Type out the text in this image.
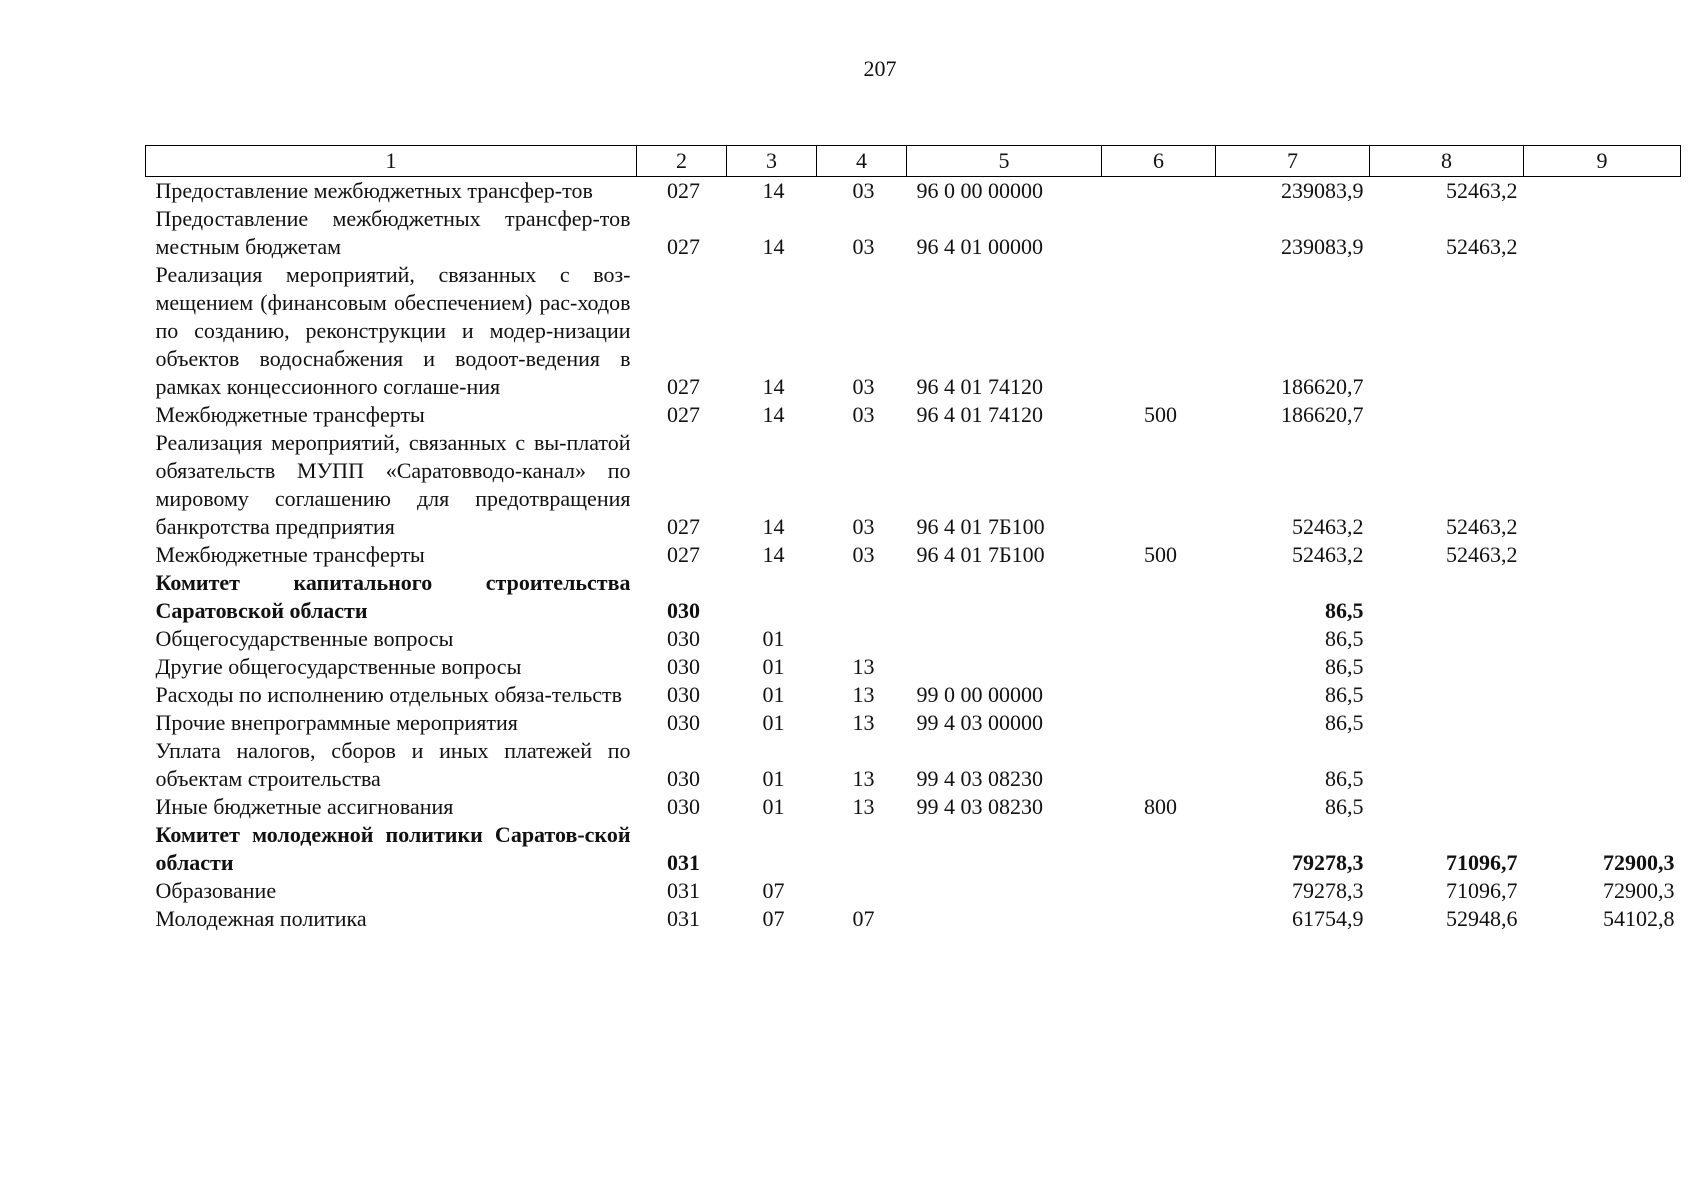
207
1	2	3	4	5	6	7	8	9
Предоставление межбюджетных трансфер-тов	027	14	03	96 0 00 00000		239083,9	52463,2	
Предоставление межбюджетных трансфер-тов местным бюджетам	027	14	03	96 4 01 00000		239083,9	52463,2	
Реализация мероприятий, связанных с воз-мещением (финансовым обеспечением) рас-ходов по созданию, реконструкции и модер-низации объектов водоснабжения и водоот-ведения в рамках концессионного соглаше-ния	027	14	03	96 4 01 74120		186620,7		
Межбюджетные трансферты	027	14	03	96 4 01 74120	500	186620,7		
Реализация мероприятий, связанных с вы-платой обязательств МУПП «Саратовводо-канал» по мировому соглашению для предотвращения банкротства предприятия	027	14	03	96 4 01 7Б100		52463,2	52463,2	
Межбюджетные трансферты	027	14	03	96 4 01 7Б100	500	52463,2	52463,2	
Комитет капитального строительства Саратовской области	030					86,5		
Общегосударственные вопросы	030	01				86,5		
Другие общегосударственные вопросы	030	01	13			86,5		
Расходы по исполнению отдельных обяза-тельств	030	01	13	99 0 00 00000		86,5		
Прочие внепрограммные мероприятия	030	01	13	99 4 03 00000		86,5		
Уплата налогов, сборов и иных платежей по объектам строительства	030	01	13	99 4 03 08230		86,5		
Иные бюджетные ассигнования	030	01	13	99 4 03 08230	800	86,5		
Комитет молодежной политики Саратов-ской области	031					79278,3	71096,7	72900,3
Образование	031	07				79278,3	71096,7	72900,3
Молодежная политика	031	07	07			61754,9	52948,6	54102,8
